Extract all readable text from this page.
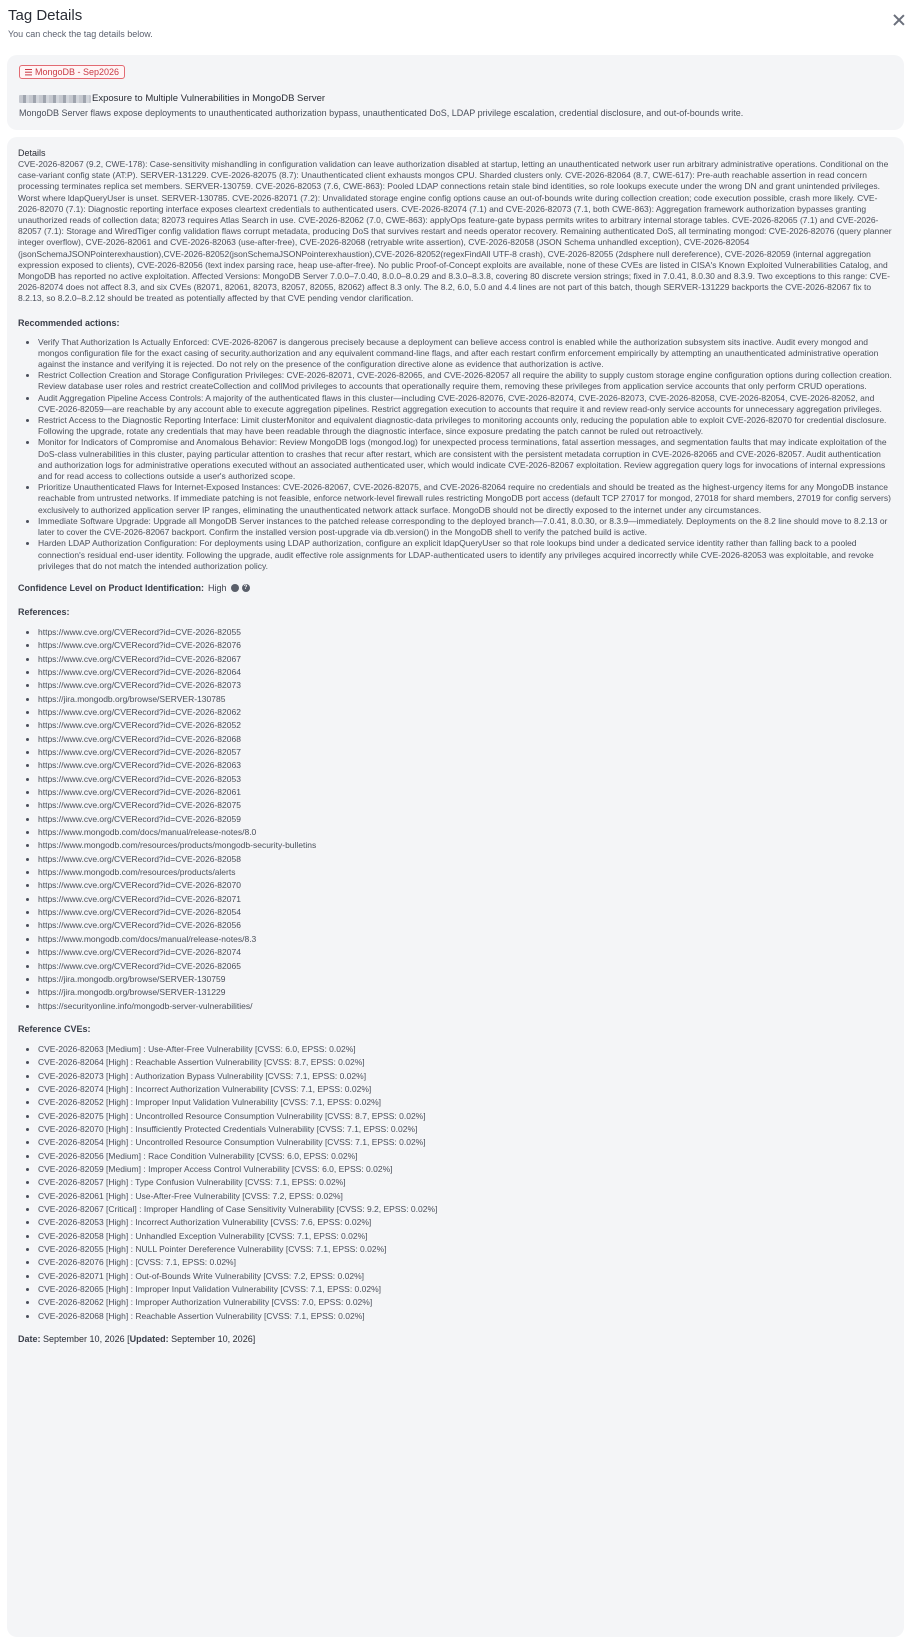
Tag Details
You can check the tag details below.
MongoDB - Sep2026
Exposure to Multiple Vulnerabilities in MongoDB Server
MongoDB Server flaws expose deployments to unauthenticated authorization bypass, unauthenticated DoS, LDAP privilege escalation, credential disclosure, and out-of-bounds write.
Details

CVE-2026-82067 (9.2, CWE-178): Case-sensitivity mishandling in configuration validation can leave authorization disabled at startup, letting an unauthenticated network user run arbitrary administrative operations. Conditional on the case-variant config state (AT:P). SERVER-131229. CVE-2026-82075 (8.7): Unauthenticated client exhausts mongos CPU. Sharded clusters only. CVE-2026-82064 (8.7, CWE-617): Pre-auth reachable assertion in read concern processing terminates replica set members. SERVER-130759. CVE-2026-82053 (7.6, CWE-863): Pooled LDAP connections retain stale bind identities, so role lookups execute under the wrong DN and grant unintended privileges. Worst where ldapQueryUser is unset. SERVER-130785. CVE-2026-82071 (7.2): Unvalidated storage engine config options cause an out-of-bounds write during collection creation; code execution possible, crash more likely. CVE-2026-82070 (7.1): Diagnostic reporting interface exposes cleartext credentials to authenticated users. CVE-2026-82074 (7.1) and CVE-2026-82073 (7.1, both CWE-863): Aggregation framework authorization bypasses granting unauthorized reads of collection data; 82073 requires Atlas Search in use. CVE-2026-82062 (7.0, CWE-863): applyOps feature-gate bypass permits writes to arbitrary internal storage tables. CVE-2026-82065 (7.1) and CVE-2026-82057 (7.1): Storage and WiredTiger config validation flaws corrupt metadata, producing DoS that survives restart and needs operator recovery. Remaining authenticated DoS, all terminating mongod: CVE-2026-82076 (query planner integer overflow), CVE-2026-82061 and CVE-2026-82063 (use-after-free), CVE-2026-82068 (retryable write assertion), CVE-2026-82058 (JSON Schema unhandled exception), CVE-2026-82054 (jsonSchemaJSONPointerexhaustion),CVE-2026-82052(jsonSchemaJSONPointerexhaustion),CVE-2026-82052(regexFindAll UTF-8 crash), CVE-2026-82055 (2dsphere null dereference), CVE-2026-82059 (internal aggregation expression exposed to clients), CVE-2026-82056 (text index parsing race, heap use-after-free). No public Proof-of-Concept exploits are available, none of these CVEs are listed in CISA's Known Exploited Vulnerabilities Catalog, and MongoDB has reported no active exploitation. Affected Versions: MongoDB Server 7.0.0–7.0.40, 8.0.0–8.0.29 and 8.3.0–8.3.8, covering 80 discrete version strings; fixed in 7.0.41, 8.0.30 and 8.3.9. Two exceptions to this range: CVE-2026-82074 does not affect 8.3, and six CVEs (82071, 82061, 82073, 82057, 82055, 82062) affect 8.3 only. The 8.2, 6.0, 5.0 and 4.4 lines are not part of this batch, though SERVER-131229 backports the CVE-2026-82067 fix to 8.2.13, so 8.2.0–8.2.12 should be treated as potentially affected by that CVE pending vendor clarification.

Recommended actions:
• Verify That Authorization Is Actually Enforced: CVE-2026-82067 is dangerous precisely because a deployment can believe access control is enabled while the authorization subsystem sits inactive. Audit every mongod and mongos configuration file for the exact casing of security.authorization and any equivalent command-line flags, and after each restart confirm enforcement empirically by attempting an unauthenticated administrative operation against the instance and verifying it is rejected. Do not rely on the presence of the configuration directive alone as evidence that authorization is active.
• Restrict Collection Creation and Storage Configuration Privileges: CVE-2026-82071, CVE-2026-82065, and CVE-2026-82057 all require the ability to supply custom storage engine configuration options during collection creation. Review database user roles and restrict createCollection and collMod privileges to accounts that operationally require them, removing these privileges from application service accounts that only perform CRUD operations.
• Audit Aggregation Pipeline Access Controls: A majority of the authenticated flaws in this cluster—including CVE-2026-82076, CVE-2026-82074, CVE-2026-82073, CVE-2026-82058, CVE-2026-82054, CVE-2026-82052, and CVE-2026-82059—are reachable by any account able to execute aggregation pipelines. Restrict aggregation execution to accounts that require it and review read-only service accounts for unnecessary aggregation privileges.
• Restrict Access to the Diagnostic Reporting Interface: Limit clusterMonitor and equivalent diagnostic-data privileges to monitoring accounts only, reducing the population able to exploit CVE-2026-82070 for credential disclosure. Following the upgrade, rotate any credentials that may have been readable through the diagnostic interface, since exposure predating the patch cannot be ruled out retroactively.
• Monitor for Indicators of Compromise and Anomalous Behavior: Review MongoDB logs (mongod.log) for unexpected process terminations, fatal assertion messages, and segmentation faults that may indicate exploitation of the DoS-class vulnerabilities in this cluster, paying particular attention to crashes that recur after restart, which are consistent with the persistent metadata corruption in CVE-2026-82065 and CVE-2026-82057. Audit authentication and authorization logs for administrative operations executed without an associated authenticated user, which would indicate CVE-2026-82067 exploitation. Review aggregation query logs for invocations of internal expressions and for read access to collections outside a user's authorized scope.
• Prioritize Unauthenticated Flaws for Internet-Exposed Instances: CVE-2026-82067, CVE-2026-82075, and CVE-2026-82064 require no credentials and should be treated as the highest-urgency items for any MongoDB instance reachable from untrusted networks. If immediate patching is not feasible, enforce network-level firewall rules restricting MongoDB port access (default TCP 27017 for mongod, 27018 for shard members, 27019 for config servers) exclusively to authorized application server IP ranges, eliminating the unauthenticated network attack surface. MongoDB should not be directly exposed to the internet under any circumstances.
• Immediate Software Upgrade: Upgrade all MongoDB Server instances to the patched release corresponding to the deployed branch—7.0.41, 8.0.30, or 8.3.9—immediately. Deployments on the 8.2 line should move to 8.2.13 or later to cover the CVE-2026-82067 backport. Confirm the installed version post-upgrade via db.version() in the MongoDB shell to verify the patched build is active.
• Harden LDAP Authorization Configuration: For deployments using LDAP authorization, configure an explicit ldapQueryUser so that role lookups bind under a dedicated service identity rather than falling back to a pooled connection's residual end-user identity. Following the upgrade, audit effective role assignments for LDAP-authenticated users to identify any privileges acquired incorrectly while CVE-2026-82053 was exploitable, and revoke privileges that do not match the intended authorization policy.
Confidence Level on Product Identification: High	?
References:
• https://www.cve.org/CVERecord?id=CVE-2026-82055
• https://www.cve.org/CVERecord?id=CVE-2026-82076
• https://www.cve.org/CVERecord?id=CVE-2026-82067
• https://www.cve.org/CVERecord?id=CVE-2026-82064
• https://www.cve.org/CVERecord?id=CVE-2026-82073
• https://jira.mongodb.org/browse/SERVER-130785
• https://www.cve.org/CVERecord?id=CVE-2026-82062
• https://www.cve.org/CVERecord?id=CVE-2026-82052
• https://www.cve.org/CVERecord?id=CVE-2026-82068
• https://www.cve.org/CVERecord?id=CVE-2026-82057
• https://www.cve.org/CVERecord?id=CVE-2026-82063
• https://www.cve.org/CVERecord?id=CVE-2026-82053
• https://www.cve.org/CVERecord?id=CVE-2026-82061
• https://www.cve.org/CVERecord?id=CVE-2026-82075
• https://www.cve.org/CVERecord?id=CVE-2026-82059
• https://www.mongodb.com/docs/manual/release-notes/8.0
• https://www.mongodb.com/resources/products/mongodb-security-bulletins
• https://www.cve.org/CVERecord?id=CVE-2026-82058
• https://www.mongodb.com/resources/products/alerts
• https://www.cve.org/CVERecord?id=CVE-2026-82070
• https://www.cve.org/CVERecord?id=CVE-2026-82071
• https://www.cve.org/CVERecord?id=CVE-2026-82054
• https://www.cve.org/CVERecord?id=CVE-2026-82056
• https://www.mongodb.com/docs/manual/release-notes/8.3
• https://www.cve.org/CVERecord?id=CVE-2026-82074
• https://www.cve.org/CVERecord?id=CVE-2026-82065
• https://jira.mongodb.org/browse/SERVER-130759
• https://jira.mongodb.org/browse/SERVER-131229
• https://securityonline.info/mongodb-server-vulnerabilities/
Reference CVEs:
• CVE-2026-82063 [Medium] : Use-After-Free Vulnerability [CVSS: 6.0, EPSS: 0.02%]
• CVE-2026-82064 [High] : Reachable Assertion Vulnerability [CVSS: 8.7, EPSS: 0.02%]
• CVE-2026-82073 [High] : Authorization Bypass Vulnerability [CVSS: 7.1, EPSS: 0.02%]
• CVE-2026-82074 [High] : Incorrect Authorization Vulnerability [CVSS: 7.1, EPSS: 0.02%]
• CVE-2026-82052 [High] : Improper Input Validation Vulnerability [CVSS: 7.1, EPSS: 0.02%]
• CVE-2026-82075 [High] : Uncontrolled Resource Consumption Vulnerability [CVSS: 8.7, EPSS: 0.02%]
• CVE-2026-82070 [High] : Insufficiently Protected Credentials Vulnerability [CVSS: 7.1, EPSS: 0.02%]
• CVE-2026-82054 [High] : Uncontrolled Resource Consumption Vulnerability [CVSS: 7.1, EPSS: 0.02%]
• CVE-2026-82056 [Medium] : Race Condition Vulnerability [CVSS: 6.0, EPSS: 0.02%]
• CVE-2026-82059 [Medium] : Improper Access Control Vulnerability [CVSS: 6.0, EPSS: 0.02%]
• CVE-2026-82057 [High] : Type Confusion Vulnerability [CVSS: 7.1, EPSS: 0.02%]
• CVE-2026-82061 [High] : Use-After-Free Vulnerability [CVSS: 7.2, EPSS: 0.02%]
• CVE-2026-82067 [Critical] : Improper Handling of Case Sensitivity Vulnerability [CVSS: 9.2, EPSS: 0.02%]
• CVE-2026-82053 [High] : Incorrect Authorization Vulnerability [CVSS: 7.6, EPSS: 0.02%]
• CVE-2026-82058 [High] : Unhandled Exception Vulnerability [CVSS: 7.1, EPSS: 0.02%]
• CVE-2026-82055 [High] : NULL Pointer Dereference Vulnerability [CVSS: 7.1, EPSS: 0.02%]
• CVE-2026-82076 [High] : [CVSS: 7.1, EPSS: 0.02%]
• CVE-2026-82071 [High] : Out-of-Bounds Write Vulnerability [CVSS: 7.2, EPSS: 0.02%]
• CVE-2026-82065 [High] : Improper Input Validation Vulnerability [CVSS: 7.1, EPSS: 0.02%]
• CVE-2026-82062 [High] : Improper Authorization Vulnerability [CVSS: 7.0, EPSS: 0.02%]
• CVE-2026-82068 [High] : Reachable Assertion Vulnerability [CVSS: 7.1, EPSS: 0.02%]
Date: September 10, 2026 [Updated: September 10, 2026]
